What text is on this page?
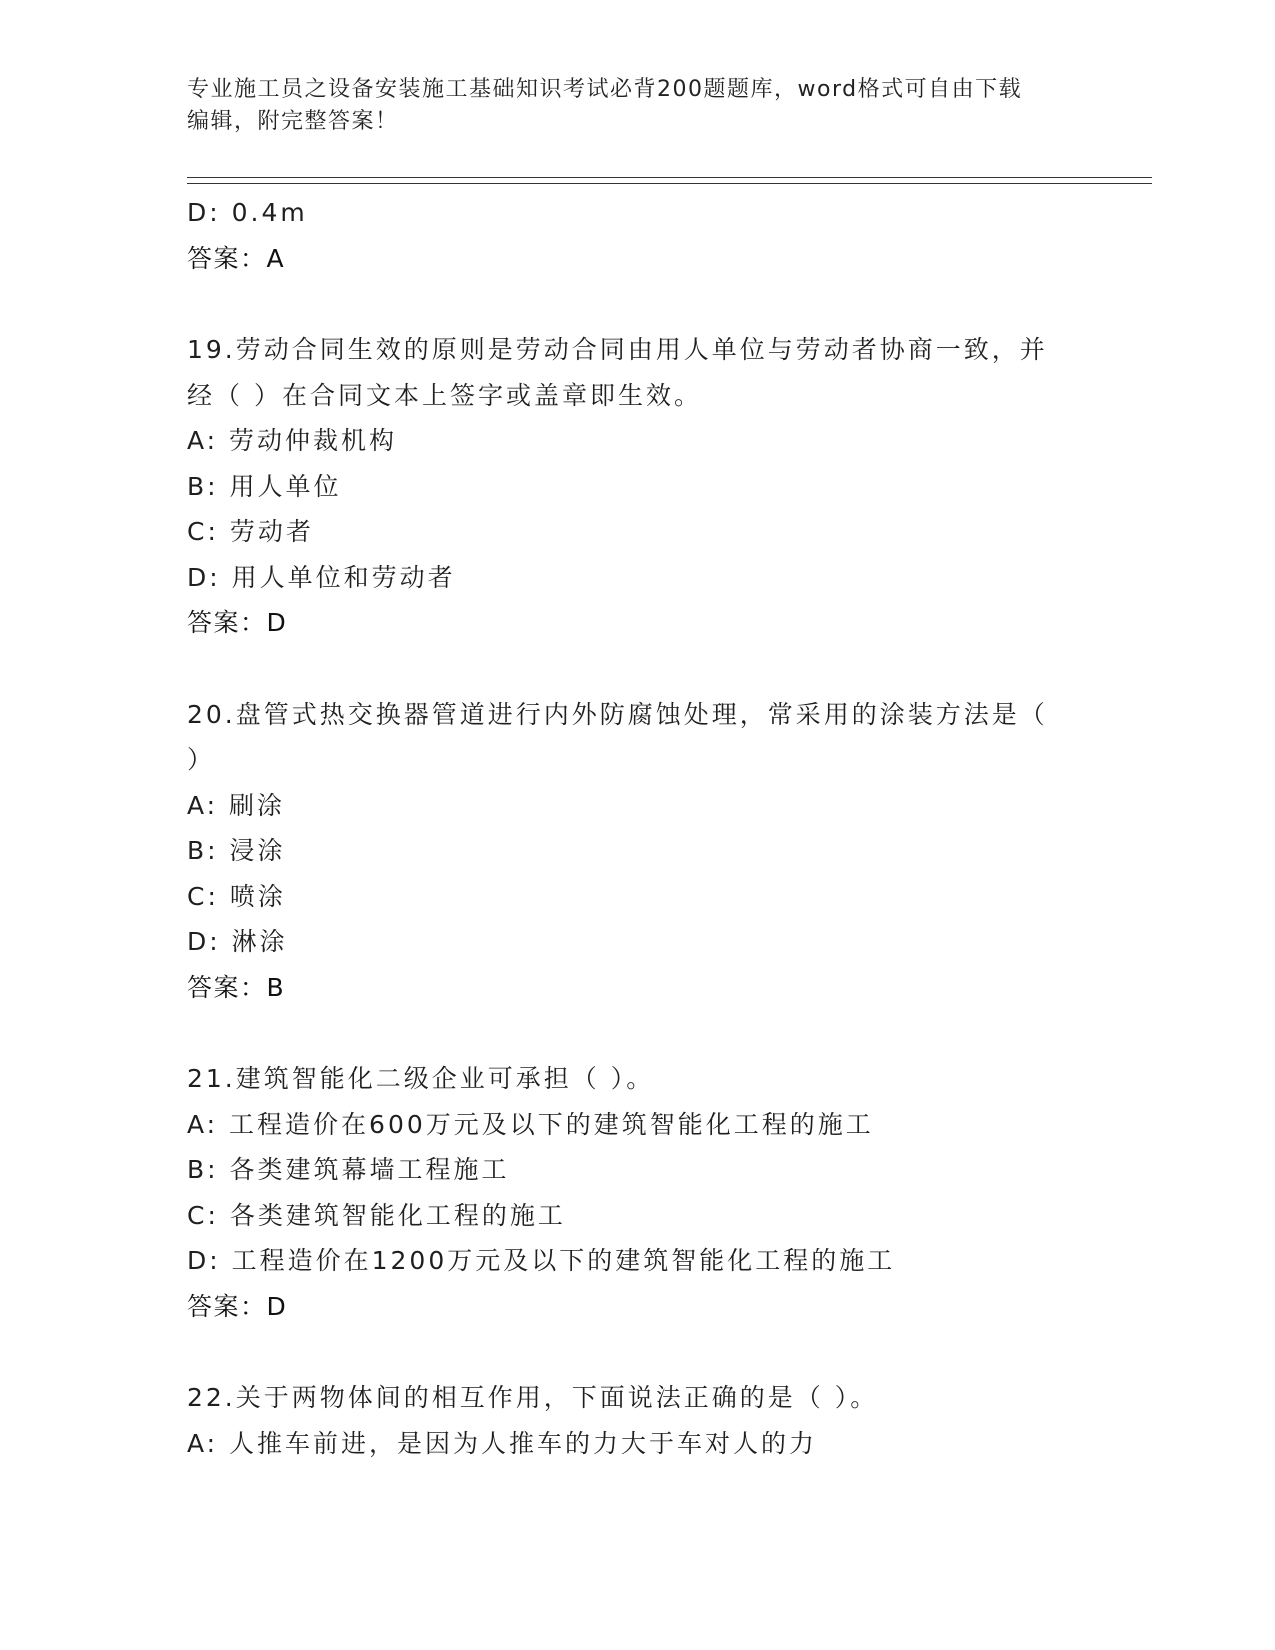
专业施工员之设备安装施工基础知识考试必背200题题库，word格式可自由下载
编辑，附完整答案！
D: 0.4m
答案：A
19.劳动合同生效的原则是劳动合同由用人单位与劳动者协商一致，并
经（ ）在合同文本上签字或盖章即生效。
A: 劳动仲裁机构
B: 用人单位
C: 劳动者
D: 用人单位和劳动者
答案：D
20.盘管式热交换器管道进行内外防腐蚀处理，常采用的涂装方法是（
）
A: 刷涂
B: 浸涂
C: 喷涂
D: 淋涂
答案：B
21.建筑智能化二级企业可承担（ ）。
A: 工程造价在600万元及以下的建筑智能化工程的施工
B: 各类建筑幕墙工程施工
C: 各类建筑智能化工程的施工
D: 工程造价在1200万元及以下的建筑智能化工程的施工
答案：D
22.关于两物体间的相互作用，下面说法正确的是（ ）。
A: 人推车前进，是因为人推车的力大于车对人的力
